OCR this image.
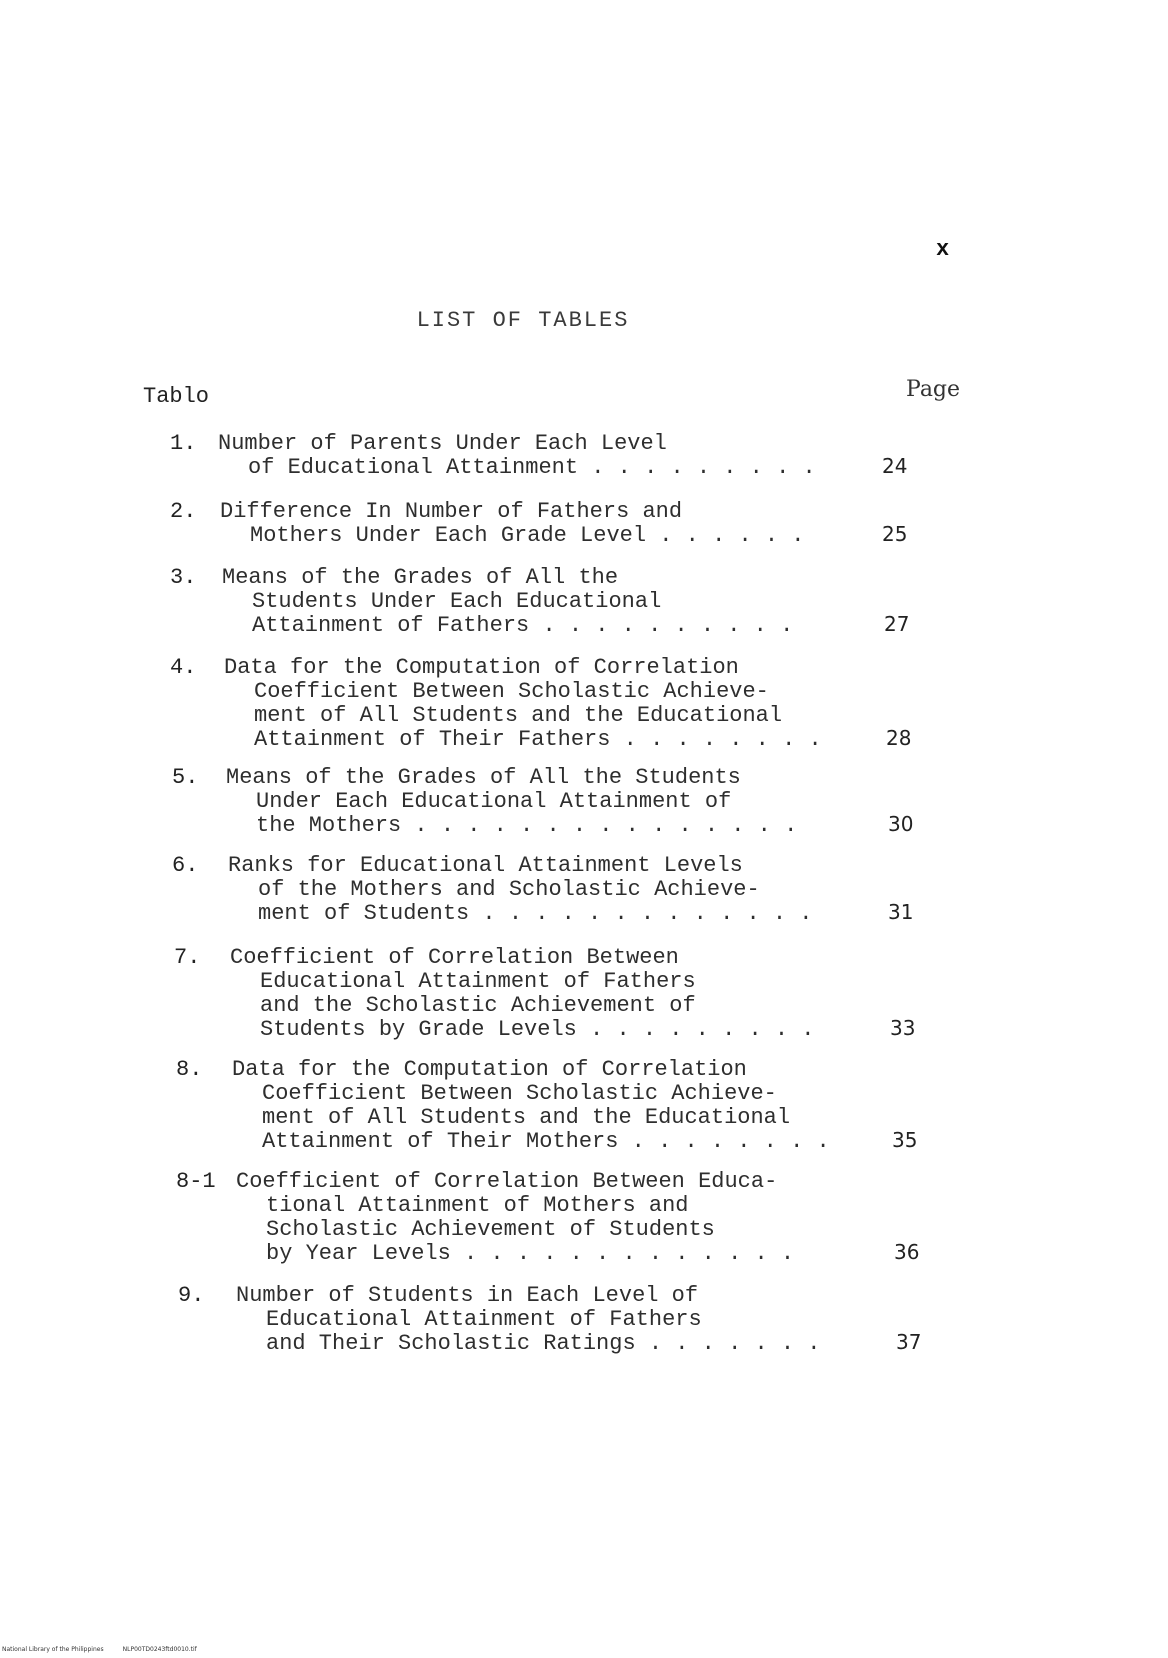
x
LIST OF TABLES
Tablo	Page
1. Number of Parents Under Each Level
of Educational Attainment . . . . . . . . .	24
2.	Difference In Number of Fathers and
Mothers Under Each Grade Level . . . . . .	25
3.	Means of the Grades of All the
Students Under Each Educational
Attainment of Fathers . . . . . . . . . .	27
4.	Data for the Computation of Correlation
Coefficient Between Scholastic Achieve-
ment of All Students and the Educational
Attainment of Their Fathers . . . . . . . .	28
5.	Means of the Grades of All the Students
Under Each Educational Attainment of
the Mothers . . . . . . . . . . . . . . .	30
6.	Ranks for Educational Attainment Levels
of the Mothers and Scholastic Achieve-
ment of Students . . . . . . . . . . . . .	31
7.	Coefficient of Correlation Between
Educational Attainment of Fathers
and the Scholastic Achievement of
Students by Grade Levels . . . . . . . . .	33
8.	Data for the Computation of Correlation
Coefficient Between Scholastic Achieve-
ment of All Students and the Educational
Attainment of Their Mothers . . . . . . . .	35
8-1 Coefficient of Correlation Between Educa-
tional Attainment of Mothers and
Scholastic Achievement of Students
by Year Levels . . . . . . . . . . . . .	36
9.	Number of Students in Each Level of
Educational Attainment of Fathers
and Their Scholastic Ratings . . . . . . .	37
National Library of the Philippines	NLP00TD0243ftd0010.tif
